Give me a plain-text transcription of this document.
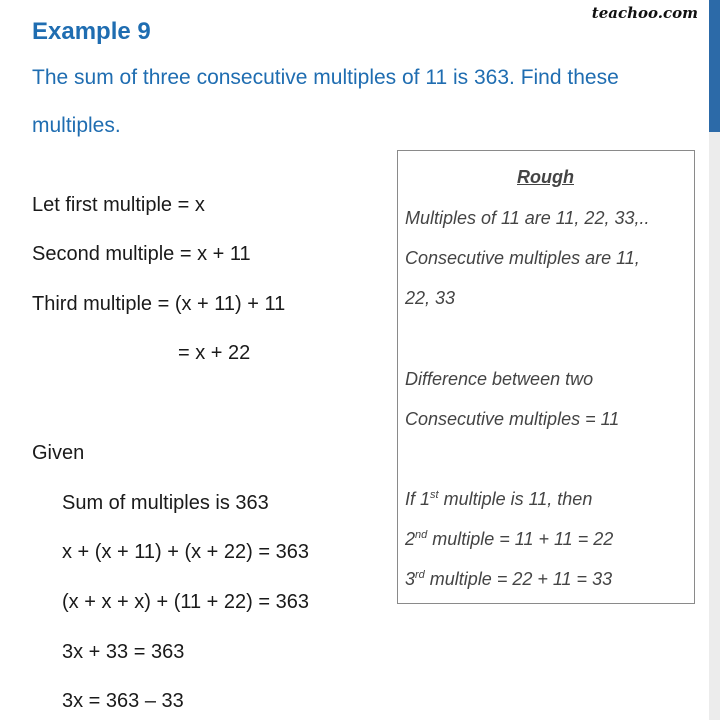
teachoo.com
Example 9
The sum of three consecutive multiples of 11 is 363. Find these
multiples.
Let first multiple = x
Second multiple = x + 11
Third multiple = (x + 11) + 11
= x + 22
Given
Sum of multiples is 363
x + (x + 11) + (x + 22) = 363
(x + x + x) + (11 + 22) = 363
3x + 33 = 363
3x = 363 – 33
Rough
Multiples of 11 are 11, 22, 33,..
Consecutive multiples are 11,
22, 33
Difference between two
Consecutive multiples = 11
If 1st multiple is 11, then
2nd multiple = 11 + 11 = 22
3rd multiple = 22 + 11 = 33
